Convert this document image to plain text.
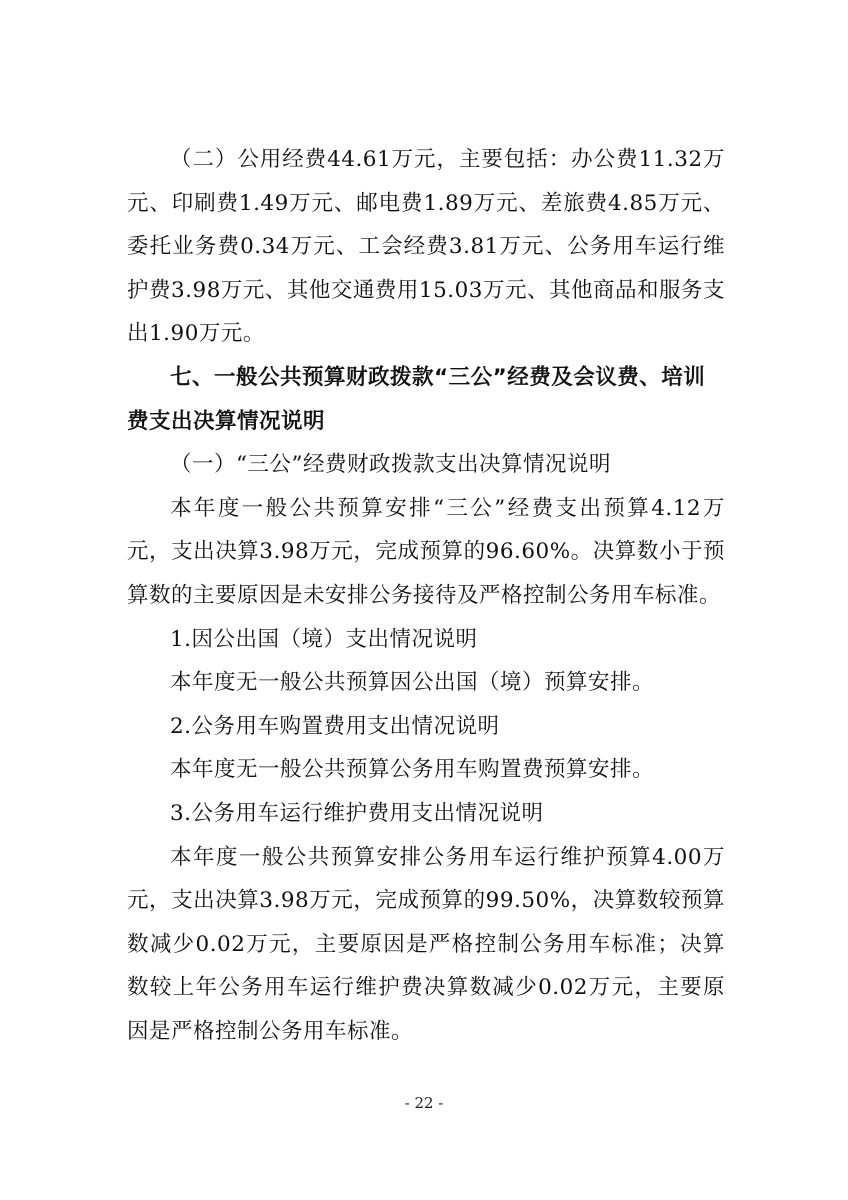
（二）公用经费44.61万元，主要包括：办公费11.32万元、印刷费1.49万元、邮电费1.89万元、差旅费4.85万元、委托业务费0.34万元、工会经费3.81万元、公务用车运行维护费3.98万元、其他交通费用15.03万元、其他商品和服务支出1.90万元。

七、一般公共预算财政拨款“三公”经费及会议费、培训费支出决算情况说明

（一）“三公”经费财政拨款支出决算情况说明

本年度一般公共预算安排“三公”经费支出预算4.12万元，支出决算3.98万元，完成预算的96.60%。决算数小于预算数的主要原因是未安排公务接待及严格控制公务用车标准。

1.因公出国（境）支出情况说明

本年度无一般公共预算因公出国（境）预算安排。

2.公务用车购置费用支出情况说明

本年度无一般公共预算公务用车购置费预算安排。

3.公务用车运行维护费用支出情况说明

本年度一般公共预算安排公务用车运行维护预算4.00万元，支出决算3.98万元，完成预算的99.50%，决算数较预算数减少0.02万元，主要原因是严格控制公务用车标准；决算数较上年公务用车运行维护费决算数减少0.02万元，主要原因是严格控制公务用车标准。

- 22 -
